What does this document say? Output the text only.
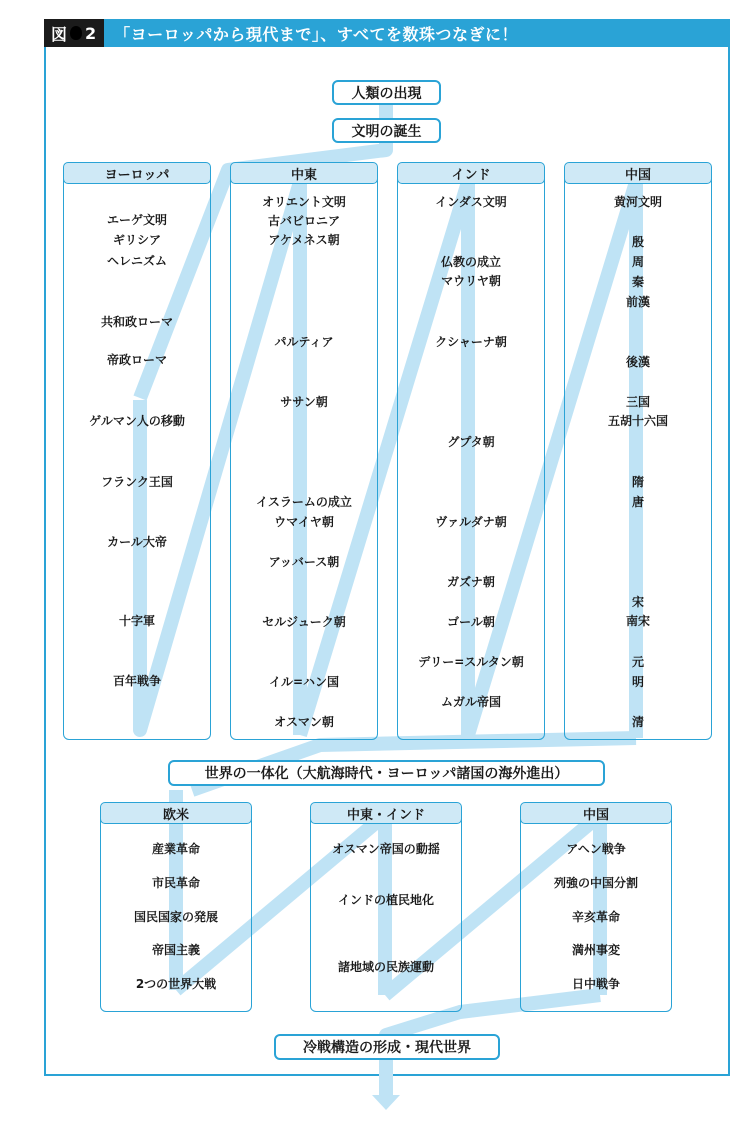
図 2 「ヨーロッパから現代まで」、すべてを数珠つなぎに！
人類の出現
文明の誕生
世界の一体化（大航海時代・ヨーロッパ諸国の海外進出）
冷戦構造の形成・現代世界
ヨーロッパ	中東	インド	中国
エーゲ文明
ギリシア
ヘレニズム
共和政ローマ
帝政ローマ
ゲルマン人の移動
フランク王国
カール大帝
十字軍
百年戦争
オリエント文明
古バビロニア
アケメネス朝
パルティア
ササン朝
イスラームの成立
ウマイヤ朝
アッバース朝
セルジューク朝
イル=ハン国
オスマン朝
インダス文明
仏教の成立
マウリヤ朝
クシャーナ朝
グプタ朝
ヴァルダナ朝
ガズナ朝
ゴール朝
デリー=スルタン朝
ムガル帝国
黄河文明
殷
周
秦
前漢
後漢
三国
五胡十六国
隋
唐
宋
南宋
元
明
清
欧米	中東・インド	中国
産業革命
市民革命
国民国家の発展
帝国主義
2つの世界大戦
オスマン帝国の動揺
インドの植民地化
諸地域の民族運動
アヘン戦争
列強の中国分割
辛亥革命
満州事変
日中戦争
